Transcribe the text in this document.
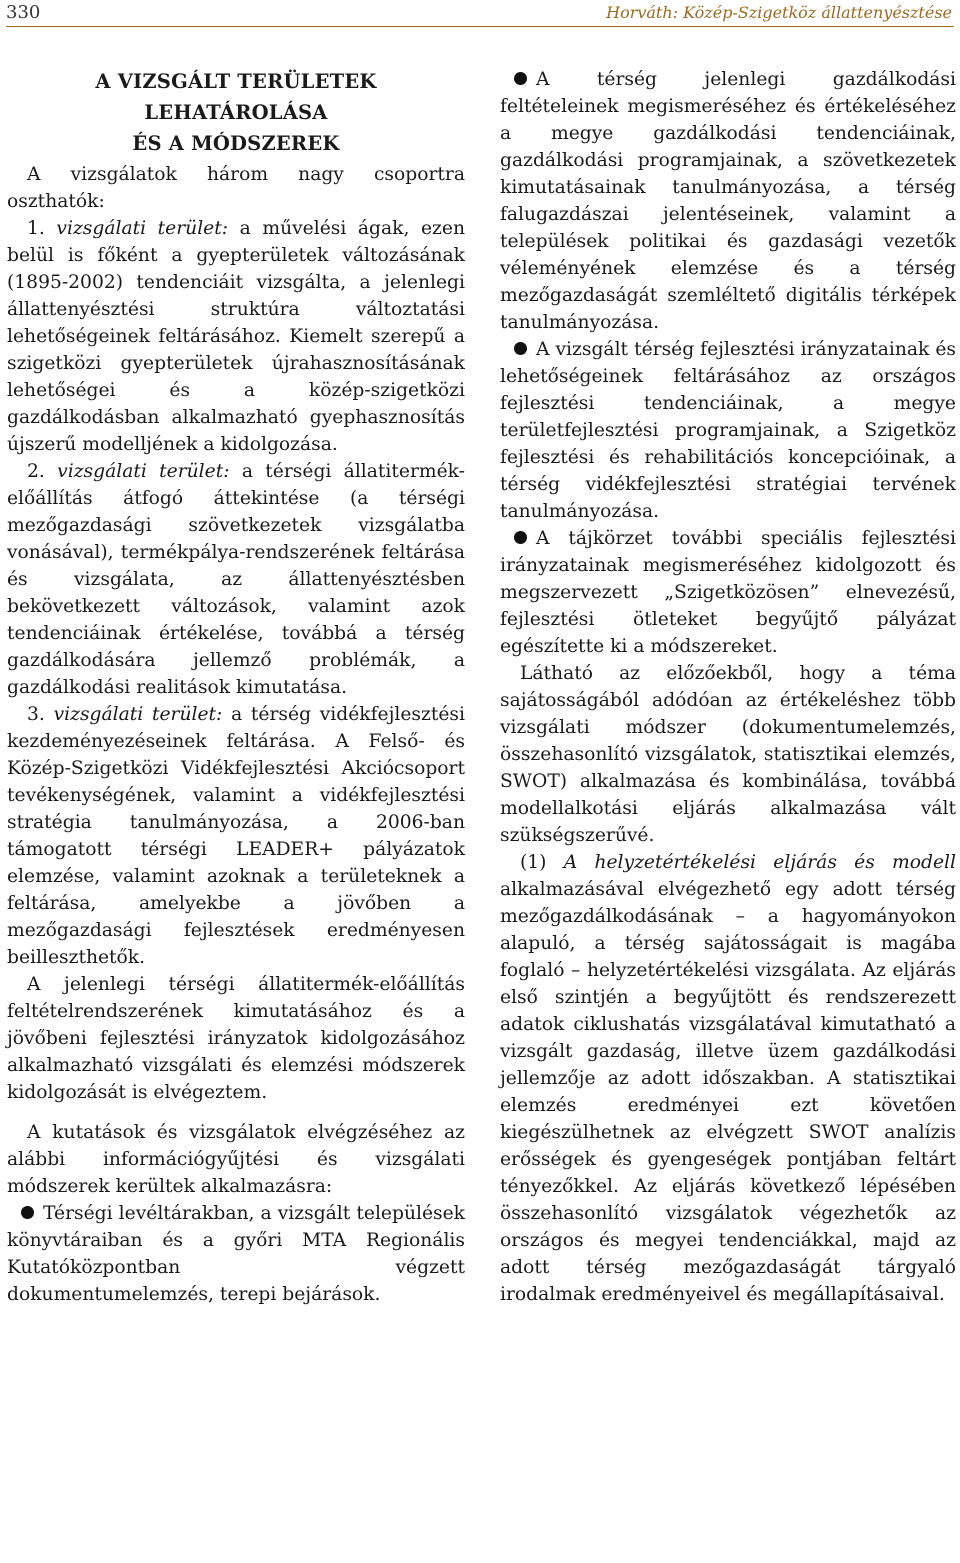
330	Horváth: Közép-Szigetköz állattenyésztése
A VIZSGÁLT TERÜLETEK
LEHATÁROLÁSA
ÉS A MÓDSZEREK

A vizsgálatok három nagy csoportra oszthatók:

1. vizsgálati terület: a művelési ágak, ezen belül is főként a gyepterületek változásának (1895-2002) tendenciáit vizsgálta, a jelenlegi állattenyésztési struktúra változtatási lehetőségeinek feltárásához. Kiemelt szerepű a szigetközi gyepterületek újrahasznosításának lehetőségei és a közép-szigetközi gazdálkodásban alkalmazható gyephasznosítás újszerű modelljének a kidolgozása.

2. vizsgálati terület: a térségi állatitermék-előállítás átfogó áttekintése (a térségi mezőgazdasági szövetkezetek vizsgálatba vonásával), termékpálya-rendszerének feltárása és vizsgálata, az állattenyésztésben bekövetkezett változások, valamint azok tendenciáinak értékelése, továbbá a térség gazdálkodására jellemző problémák, a gazdálkodási realitások kimutatása.

3. vizsgálati terület: a térség vidékfejlesztési kezdeményezéseinek feltárása. A Felső- és Közép-Szigetközi Vidékfejlesztési Akciócsoport tevékenységének, valamint a vidékfejlesztési stratégia tanulmányozása, a 2006-ban támogatott térségi LEADER+ pályázatok elemzése, valamint azoknak a területeknek a feltárása, amelyekbe a jövőben a mezőgazdasági fejlesztések eredményesen beilleszthetők.

A jelenlegi térségi állatitermék-előállítás feltételrendszerének kimutatásához és a jövőbeni fejlesztési irányzatok kidolgozásához alkalmazható vizsgálati és elemzési módszerek kidolgozását is elvégeztem.

A kutatások és vizsgálatok elvégzéséhez az alábbi információgyűjtési és vizsgálati módszerek kerültek alkalmazásra:

Térségi levéltárakban, a vizsgált települések könyvtáraiban és a győri MTA Regionális Kutatóközpontban végzett dokumentumelemzés, terepi bejárások.

A térség jelenlegi gazdálkodási feltételeinek megismeréséhez és értékeléséhez a megye gazdálkodási tendenciáinak, gazdálkodási programjainak, a szövetkezetek kimutatásainak tanulmányozása, a térség falugazdászai jelentéseinek, valamint a települések politikai és gazdasági vezetők véleményének elemzése és a térség mezőgazdaságát szemléltető digitális térképek tanulmányozása.

A vizsgált térség fejlesztési irányzatainak és lehetőségeinek feltárásához az országos fejlesztési tendenciáinak, a megye területfejlesztési programjainak, a Szigetköz fejlesztési és rehabilitációs koncepcióinak, a térség vidékfejlesztési stratégiai tervének tanulmányozása.

A tájkörzet további speciális fejlesztési irányzatainak megismeréséhez kidolgozott és megszervezett „Szigetközösen” elnevezésű, fejlesztési ötleteket begyűjtő pályázat egészítette ki a módszereket.

Látható az előzőekből, hogy a téma sajátosságából adódóan az értékeléshez több vizsgálati módszer (dokumentumelemzés, összehasonlító vizsgálatok, statisztikai elemzés, SWOT) alkalmazása és kombinálása, továbbá modellalkotási eljárás alkalmazása vált szükségszerűvé.

(1) A helyzetértékelési eljárás és modell alkalmazásával elvégezhető egy adott térség mezőgazdálkodásának – a hagyományokon alapuló, a térség sajátosságait is magába foglaló – helyzetértékelési vizsgálata. Az eljárás első szintjén a begyűjtött és rendszerezett adatok ciklushatás vizsgálatával kimutatható a vizsgált gazdaság, illetve üzem gazdálkodási jellemzője az adott időszakban. A statisztikai elemzés eredményei ezt követően kiegészülhetnek az elvégzett SWOT analízis erősségek és gyengeségek pontjában feltárt tényezőkkel. Az eljárás következő lépésében összehasonlító vizsgálatok végezhetők az országos és megyei tendenciákkal, majd az adott térség mezőgazdaságát tárgyaló irodalmak eredményeivel és megállapításaival.
